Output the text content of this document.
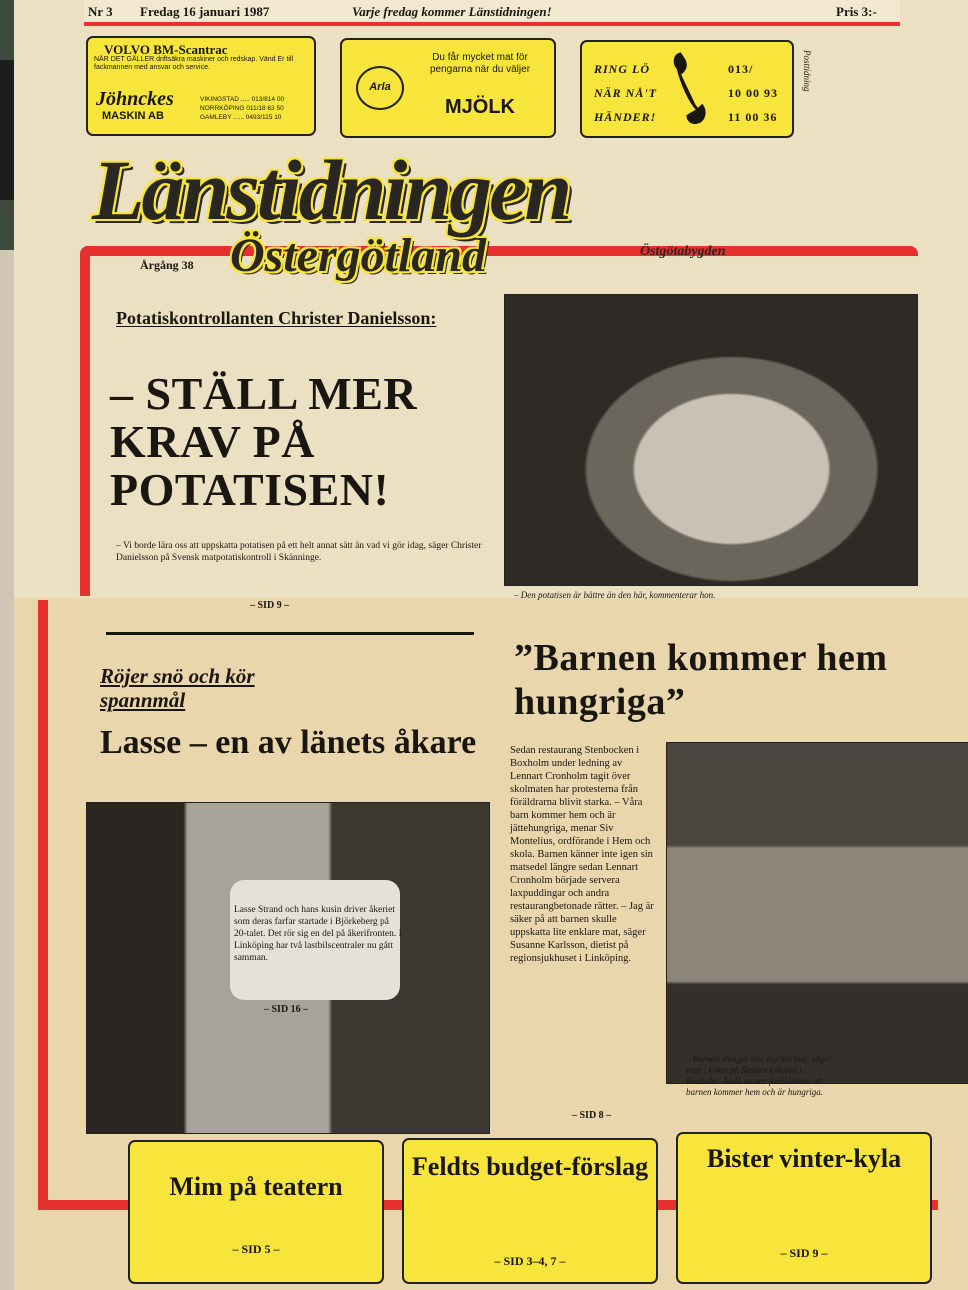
Nr 3 Fredag 16 januari 1987	Varje fredag kommer Länstidningen!	Pris 3:-
VOLVO BM-Scantrac
NÄR DET GÄLLER driftsäkra maskiner och redskap. Vänd Er till fackmannen med ansvar och service.
Jöhnckes
MASKIN AB
VIKINGSTAD ..... 013/814 00
NORRKÖPING 011/18 63 50
GAMLEBY ...... 0493/115 10
Arla
Du får mycket mat för pengarna när du väljer
MJÖLK
RING LÖ
NÄR NÅ'T
HÄNDER!
013/
10 00 93
11 00 36
Posttidning
Länstidningen
Östergötland
Årgång 38
Östgötabygden
Potatiskontrollanten Christer Danielsson:
– STÄLL MER KRAV PÅ POTATISEN!
– Vi borde lära oss att uppskatta potatisen på ett helt annat sätt än vad vi gör idag, säger Christer Danielsson på Svensk matpotatiskontroll i Skänninge.
– SID 9 –
– Den potatisen är bättre än den här, kommenterar hon.
Röjer snö och kör spannmål
Lasse – en av länets åkare
Lasse Strand och hans kusin driver åkeriet som deras farfar startade i Björkeberg på 20-talet. Det rör sig en del på åkerifronten. I Linköping har två lastbilscentraler nu gått samman.
– SID 16 –
”Barnen kommer hem hungriga”
Sedan restaurang Stenbocken i Boxholm under ledning av Lennart Cronholm tagit över skolmaten har protesterna från föräldrarna blivit starka. – Våra barn kommer hem och är jättehungriga, menar Siv Montelius, ordförande i Hem och skola. Barnen känner inte igen sin matsedel längre sedan Lennart Cronholm började servera laxpuddingar och andra restaurangbetonade rätter. – Jag är säker på att barnen skulle uppskatta lite enklare mat, säger Susanne Karlsson, dietist på regionsjukhuset i Linköping.
– Barnen slänger inte mycket mat, säger man i köket på Stenbockskolan i Boxholm. Ändå menar föräldrarna att barnen kommer hem och är hungriga.
– SID 8 –
Mim på teatern
– SID 5 –
Feldts budget-förslag
– SID 3–4, 7 –
Bister vinter-kyla
– SID 9 –
